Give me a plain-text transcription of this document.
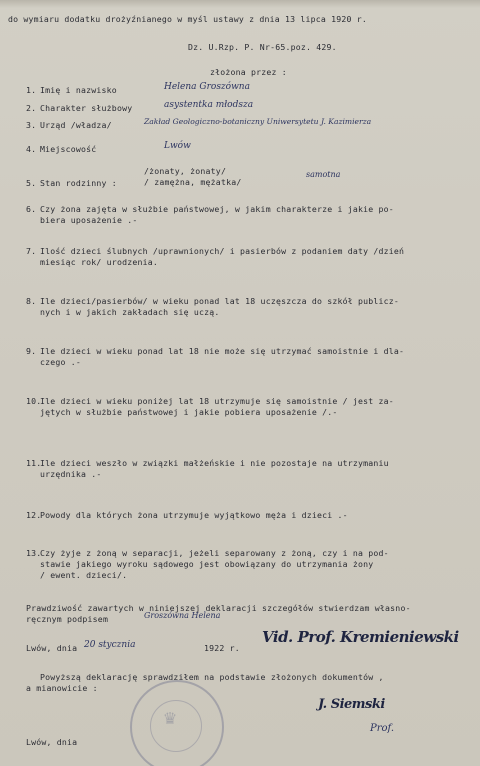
do wymiaru dodatku drożyźnianego w myśl ustawy z dnia 13 lipca 1920 r.
Dz. U.Rzp. P. Nr-65.poz. 429.
złożona przez :
1. Imię i nazwisko	Helena Groszówna
2. Charakter służbowy	asystentka młodsza
3. Urząd /władza/	Zakład Geologiczno-botaniczny Uniwersytetu J. Kazimierza
4. Miejscowość	Lwów
5. Stan rodzinny :
/żonaty, żonaty/
/ zamężna, mężatka/
samotna
6. Czy żona zajęta w służbie państwowej, w jakim charakterze i jakie po-
biera uposażenie .-
7. Ilość dzieci ślubnych /uprawnionych/ i pasierbów z podaniem daty /dzień
miesiąc rok/ urodzenia.
8. Ile dzieci/pasierbów/ w wieku ponad lat 18 uczęszcza do szkół publicz-
nych i w jakich zakładach się uczą.
9. Ile dzieci w wieku ponad lat 18 nie może się utrzymać samoistnie i dla-
czego .-
10.
Ile dzieci w wieku poniżej lat 18 utrzymuje się samoistnie / jest za-
jętych w służbie państwowej i jakie pobiera uposażenie /.-
11.
Ile dzieci weszło w związki małżeńskie i nie pozostaje na utrzymaniu
urzędnika .-
12.
Powody dla których żona utrzymuje wyjątkowo męża i dzieci .-
13.
Czy żyje z żoną w separacji, jeżeli separowany z żoną, czy i na pod-
stawie jakiego wyroku sądowego jest obowiązany do utrzymania żony
/ ewent. dzieci/.
Prawdziwość zawartych w niniejszej deklaracji szczegółów stwierdzam własno-
ręcznym podpisem	Groszówna Helena
Lwów, dnia 20 stycznia	1922 r.
Vid. Prof. Kremieniewski
Powyższą deklarację sprawdziłem na podstawie złożonych dokumentów ,
a mianowicie :
♛
J. Siemski
Prof.
Lwów, dnia
